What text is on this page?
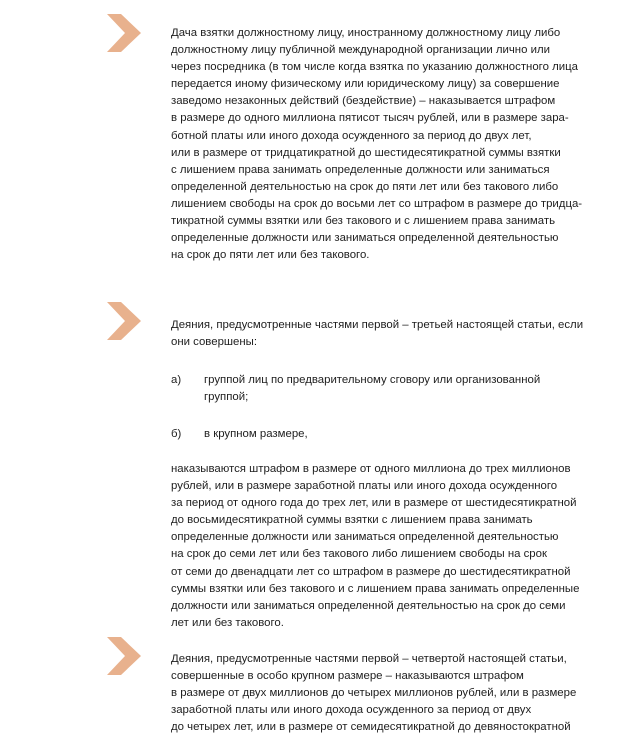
Дача взятки должностному лицу, иностранному должностному лицу либо
должностному лицу публичной международной организации лично или
через посредника (в том числе когда взятка по указанию должностного лица
передается иному физическому или юридическому лицу) за совершение
заведомо незаконных действий (бездействие) – наказывается штрафом
в размере до одного миллиона пятисот тысяч рублей, или в размере зара-
ботной платы или иного дохода осужденного за период до двух лет,
или в размере от тридцатикратной до шестидесятикратной суммы взятки
с лишением права занимать определенные должности или заниматься
определенной деятельностью на срок до пяти лет или без такового либо
лишением свободы на срок до восьми лет со штрафом в размере до тридца-
тикратной суммы взятки или без такового и с лишением права занимать
определенные должности или заниматься определенной деятельностью
на срок до пяти лет или без такового.
Деяния, предусмотренные частями первой – третьей настоящей статьи, если
они совершены:
а) группой лиц по предварительному сговору или организованной
группой;
б) в крупном размере,
наказываются штрафом в размере от одного миллиона до трех миллионов
рублей, или в размере заработной платы или иного дохода осужденного
за период от одного года до трех лет, или в размере от шестидесятикратной
до восьмидесятикратной суммы взятки с лишением права занимать
определенные должности или заниматься определенной деятельностью
на срок до семи лет или без такового либо лишением свободы на срок
от семи до двенадцати лет со штрафом в размере до шестидесятикратной
суммы взятки или без такового и с лишением права занимать определенные
должности или заниматься определенной деятельностью на срок до семи
лет или без такового.
Деяния, предусмотренные частями первой – четвертой настоящей статьи,
совершенные в особо крупном размере – наказываются штрафом
в размере от двух миллионов до четырех миллионов рублей, или в размере
заработной платы или иного дохода осужденного за период от двух
до четырех лет, или в размере от семидесятикратной до девяностократной
